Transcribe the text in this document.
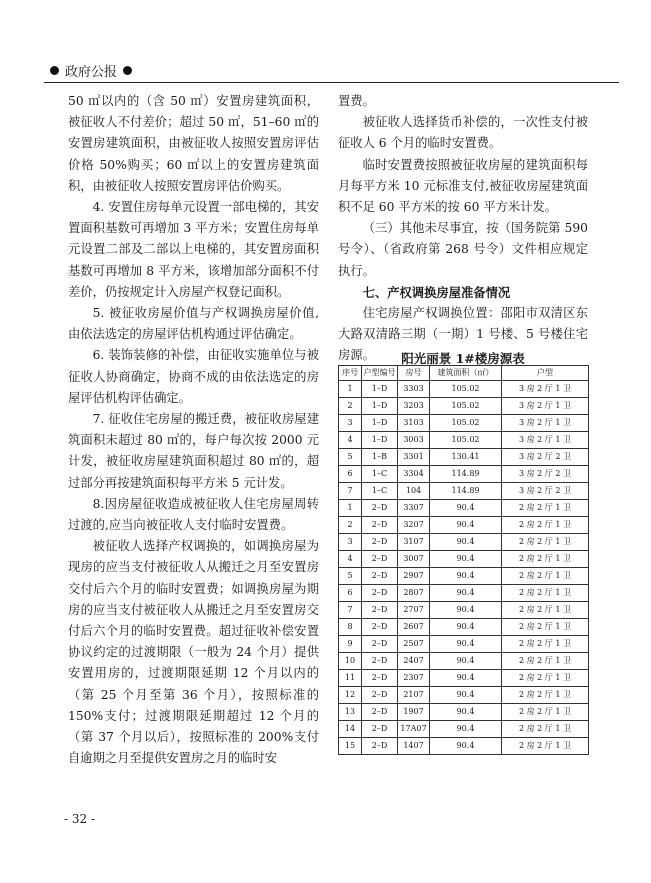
政府公报

50 ㎡以内的（含 50 ㎡）安置房建筑面积，被征收人不付差价；超过 50 ㎡，51–60 ㎡的安置房建筑面积，由被征收人按照安置房评估价格 50%购买；60 ㎡以上的安置房建筑面积，由被征收人按照安置房评估价购买。

4. 安置住房每单元设置一部电梯的，其安置面积基数可再增加 3 平方米；安置住房每单元设置二部及二部以上电梯的，其安置房面积基数可再增加 8 平方米，该增加部分面积不付差价，仍按规定计入房屋产权登记面积。

5. 被征收房屋价值与产权调换房屋价值,由依法选定的房屋评估机构通过评估确定。

6. 装饰装修的补偿，由征收实施单位与被征收人协商确定，协商不成的由依法选定的房屋评估机构评估确定。

7. 征收住宅房屋的搬迁费，被征收房屋建筑面积未超过 80 ㎡的，每户每次按 2000 元计发，被征收房屋建筑面积超过 80 ㎡的，超过部分再按建筑面积每平方米 5 元计发。

8.因房屋征收造成被征收人住宅房屋周转过渡的,应当向被征收人支付临时安置费。

被征收人选择产权调换的，如调换房屋为现房的应当支付被征收人从搬迁之月至安置房交付后六个月的临时安置费；如调换房屋为期房的应当支付被征收人从搬迁之月至安置房交付后六个月的临时安置费。超过征收补偿安置协议约定的过渡期限（一般为 24 个月）提供安置用房的，过渡期限延期 12 个月以内的（第 25 个月至第 36 个月），按照标准的 150%支付；过渡期限延期超过 12 个月的（第 37 个月以后），按照标准的 200%支付自逾期之月至提供安置房之月的临时安

置费。

被征收人选择货币补偿的，一次性支付被征收人 6 个月的临时安置费。

临时安置费按照被征收房屋的建筑面积每月每平方米 10 元标准支付,被征收房屋建筑面积不足 60 平方米的按 60 平方米计发。

（三）其他未尽事宜，按（国务院第 590 号令）、（省政府第 268 号令）文件相应规定执行。

七、产权调换房屋准备情况

住宅房屋产权调换位置：邵阳市双清区东大路双清路三期（一期）1 号楼、5 号楼住宅房源。	阳光丽景 1#楼房源表
序号	户型编号	房号	建筑面积（㎡）	户型
1	1–D	3303	105.02	3 房 2 厅 1 卫
2	1–D	3203	105.02	3 房 2 厅 1 卫
3	1–D	3103	105.02	3 房 2 厅 1 卫
4	1–D	3003	105.02	3 房 2 厅 1 卫
5	1–B	3301	130.41	3 房 2 厅 2 卫
6	1–C	3304	114.89	3 房 2 厅 2 卫
7	1–C	104	114.89	3 房 2 厅 2 卫
1	2–D	3307	90.4	2 房 2 厅 1 卫
2	2–D	3207	90.4	2 房 2 厅 1 卫
3	2–D	3107	90.4	2 房 2 厅 1 卫
4	2–D	3007	90.4	2 房 2 厅 1 卫
5	2–D	2907	90.4	2 房 2 厅 1 卫
6	2–D	2807	90.4	2 房 2 厅 1 卫
7	2–D	2707	90.4	2 房 2 厅 1 卫
8	2–D	2607	90.4	2 房 2 厅 1 卫
9	2–D	2507	90.4	2 房 2 厅 1 卫
10	2–D	2407	90.4	2 房 2 厅 1 卫
11	2–D	2307	90.4	2 房 2 厅 1 卫
12	2–D	2107	90.4	2 房 2 厅 1 卫
13	2–D	1907	90.4	2 房 2 厅 1 卫
14	2–D	17A07	90.4	2 房 2 厅 1 卫
15	2–D	1407	90.4	2 房 2 厅 1 卫
- 32 -
